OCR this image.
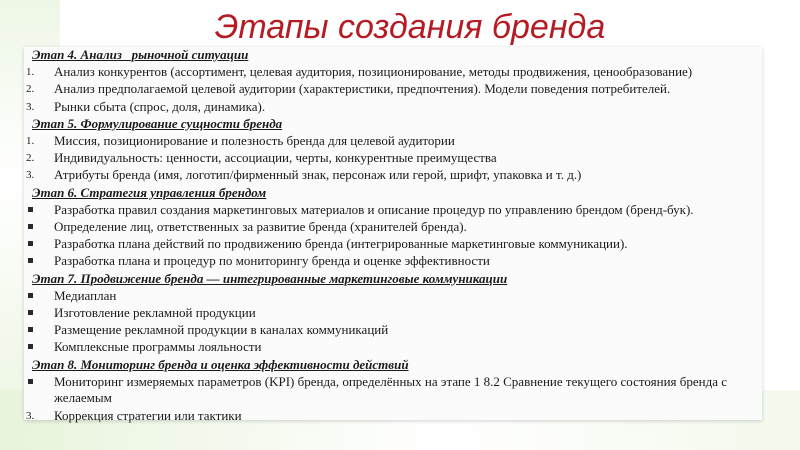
Этапы создания бренда
Этап 4. Анализ _рыночной ситуации
1.	Анализ конкурентов (ассортимент, целевая аудитория, позиционирование, методы продвижения, ценообразование)
2.	Анализ предполагаемой целевой аудитории (характеристики, предпочтения). Модели поведения потребителей.
3.	Рынки сбыта (спрос, доля, динамика).
Этап 5. Формулирование сущности бренда
1.	Миссия, позиционирование и полезность бренда для целевой аудитории
2.	Индивидуальность: ценности, ассоциации, черты, конкурентные преимущества
3.	Атрибуты бренда (имя, логотип/фирменный знак, персонаж или герой, шрифт, упаковка и т. д.)
Этап 6. Стратегия управления брендом
Разработка правил создания маркетинговых материалов и описание процедур по управлению брендом (бренд-бук).
Определение лиц, ответственных за развитие бренда (хранителей бренда).
Разработка плана действий по продвижению бренда (интегрированные маркетинговые коммуникации).
Разработка плана и процедур по мониторингу бренда и оценке эффективности
Этап 7. Продвижение бренда — интегрированные маркетинговые коммуникации
Медиаплан
Изготовление рекламной продукции
Размещение рекламной продукции в каналах коммуникаций
Комплексные программы лояльности
Этап 8. Мониторинг бренда и оценка эффективности действий
Мониторинг измеряемых параметров (KPI) бренда, определённых на этапе 1 8.2 Сравнение текущего состояния бренда с желаемым
3.	Коррекция стратегии или тактики
